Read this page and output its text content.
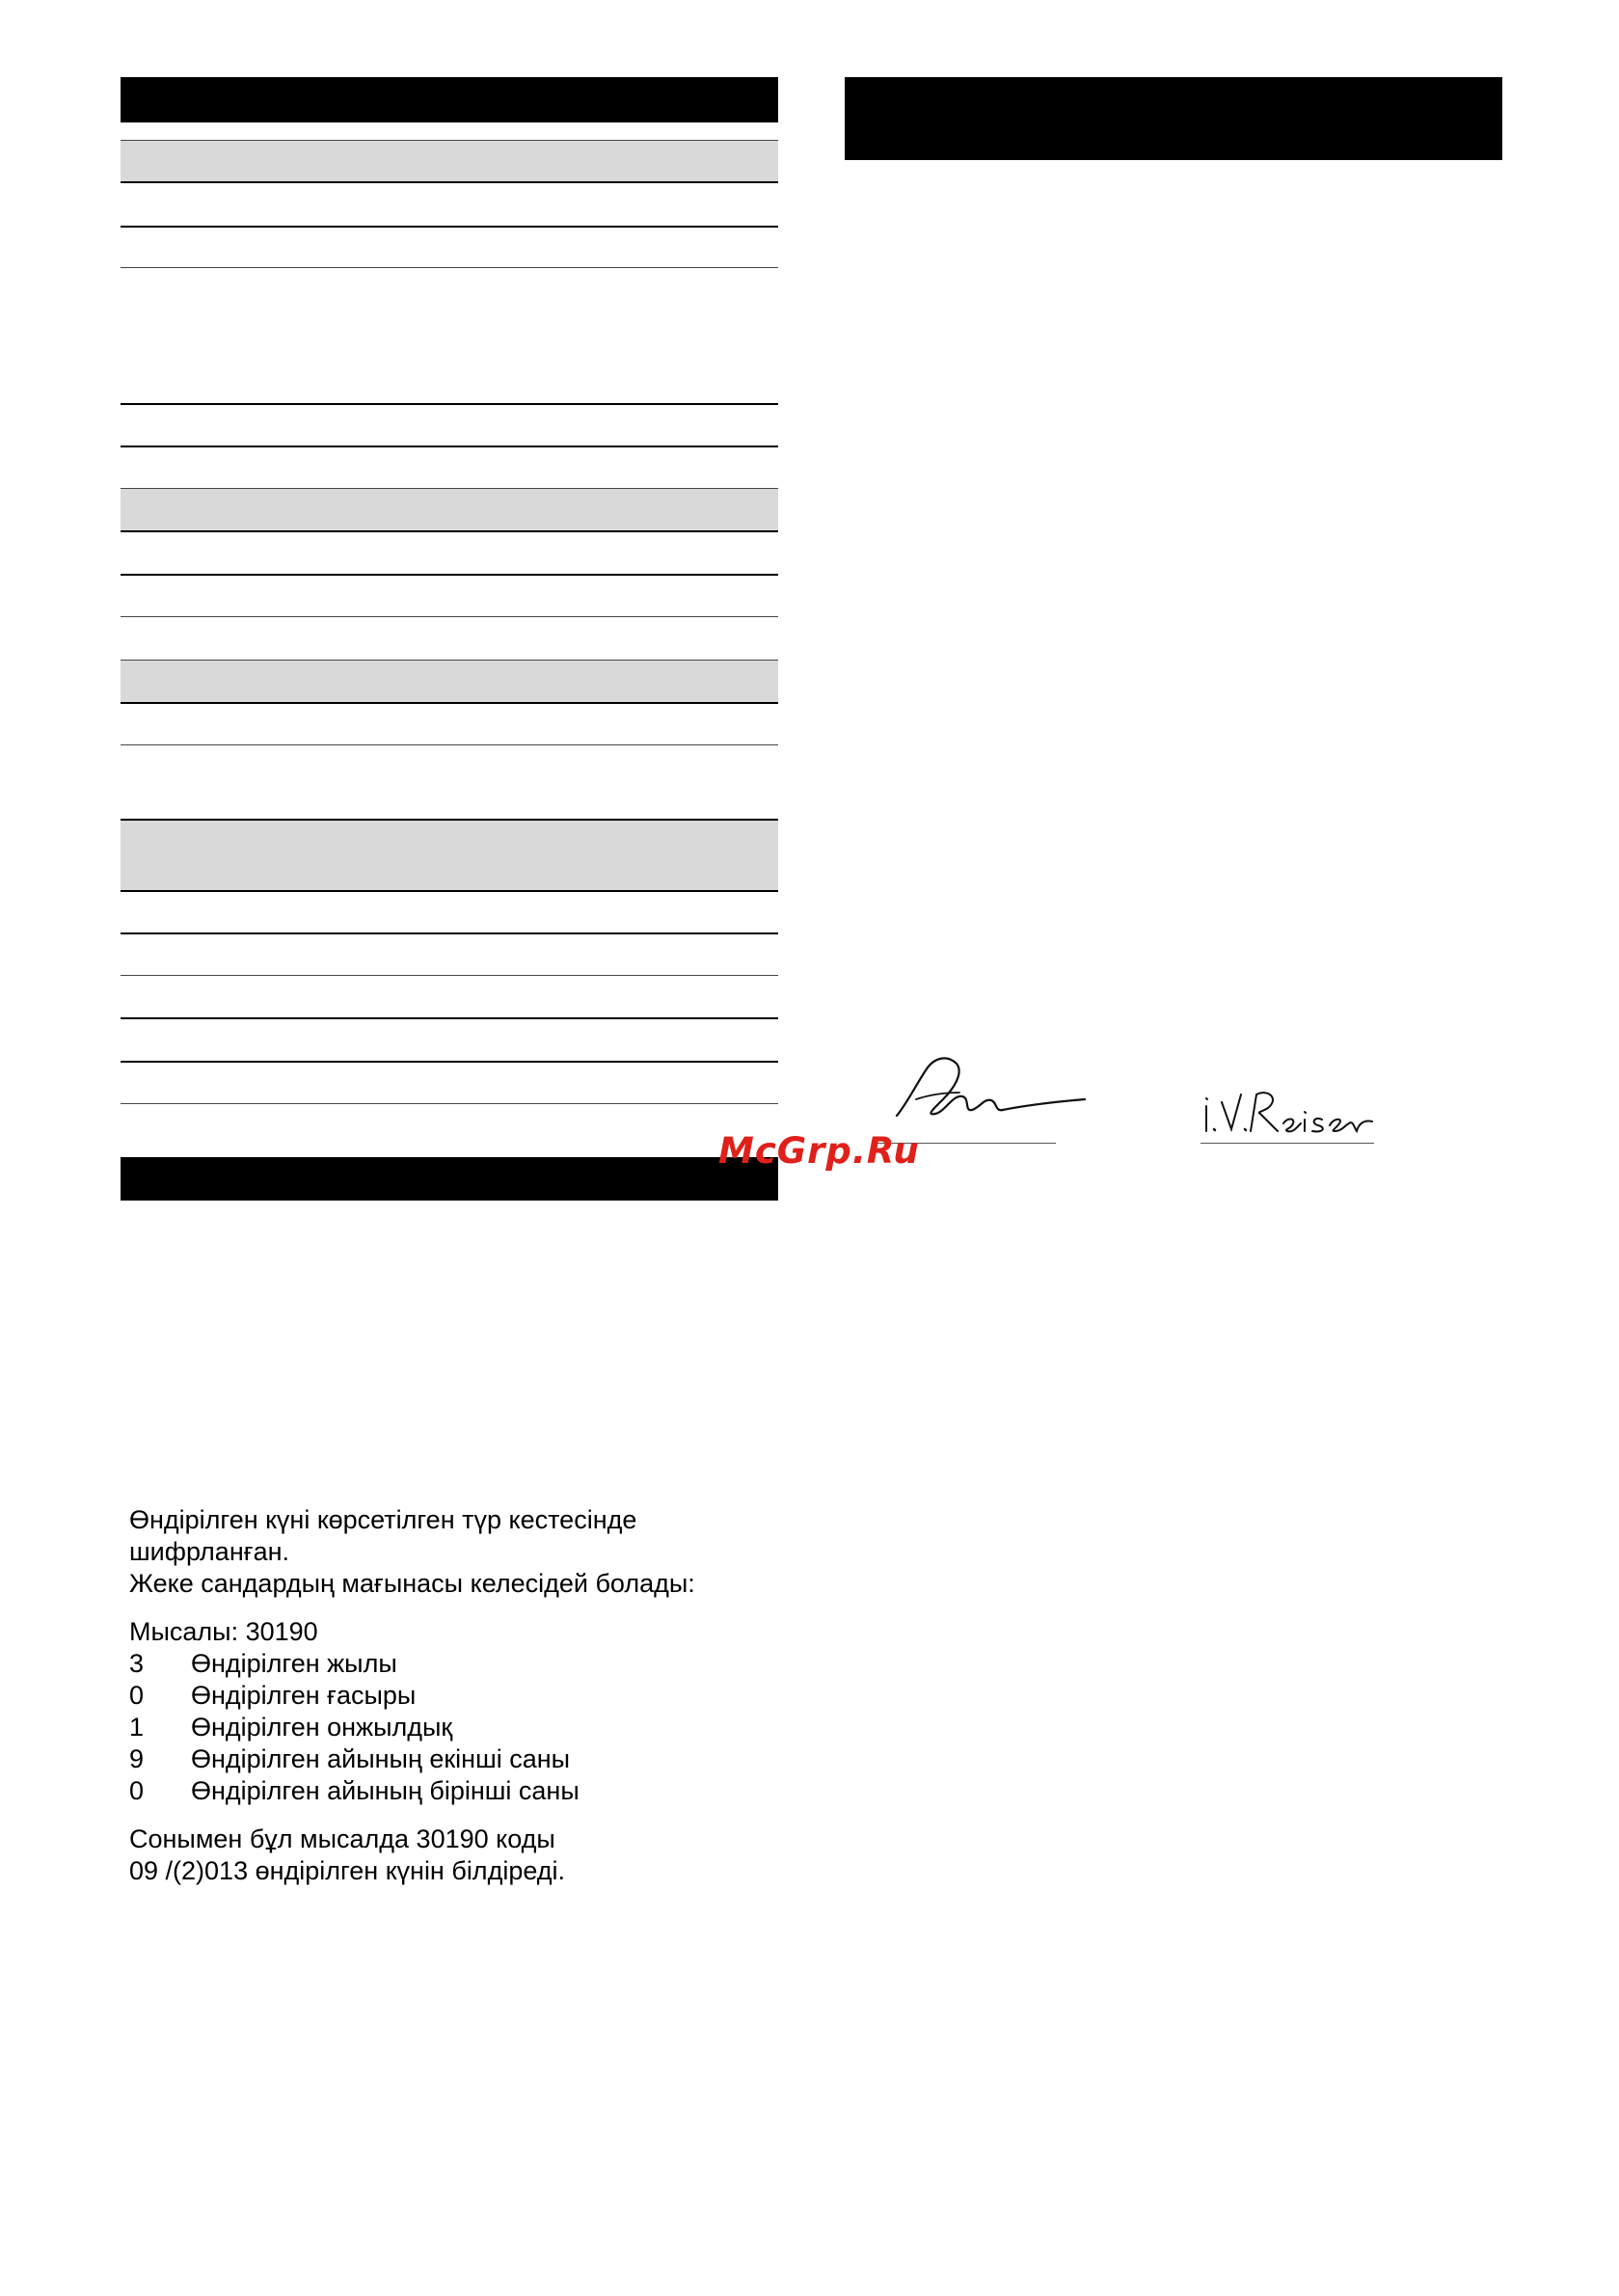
McGrp.Ru
Өндірілген күні көрсетілген түр кестесінде
шифрланған.
Жеке сандардың мағынасы келесідей болады:
Мысалы: 30190
3	Өндірілген жылы
0	Өндірілген ғасыры
1	Өндірілген онжылдық
9	Өндірілген айының екінші саны
0	Өндірілген айының бірінші саны
Сонымен бұл мысалда 30190 коды
09 /(2)013 өндірілген күнін білдіреді.
